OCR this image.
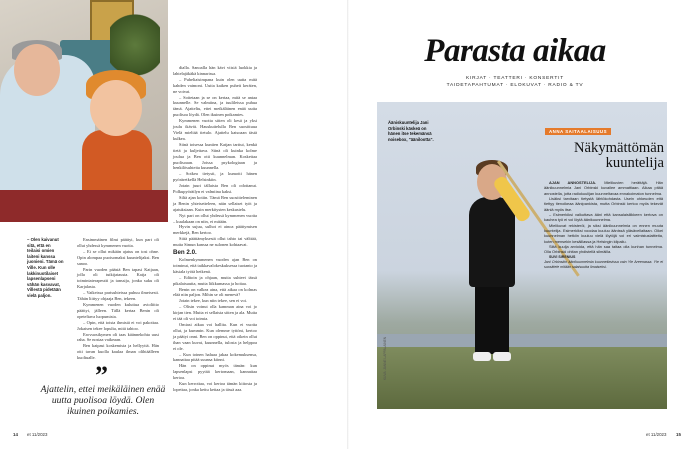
– Olen kaivanut sitä, että en teilaisi omien laiteni kanssa juonieni. Tämä on Ville. Kun olle lakkinuotilaiset lapsenlapseni vähän kasvavat, Villestä pidetään vielä paljon.

Ensimmäinen filmi päättyi, kun part oli ollut yhdessä kymmenen vuotta.

– Ei se ollut mikään ajatus on tosi ohne. Opin alompaa puoisomaksi kuuntelijaksi. Ben sanoo.

Parin vuoden päästä Ben tapasi Katjaan, jolla oli tutkijatausta. Katja oli toimintaterapeutti ja tanssija, jonka suku oli Karjalasta.

– Vaikeissa parisuhteissa puhuu ilmeisesti. Tähän liittyy ohjaaja Ben, tekeen.

Kymmenen vuoden kuluttua avioliitto päättyi, jälleen. Tällä kertaa Benin oli opeteltava luopumista.

– Opin, että toista ihmistä ei voi pakottaa. Jokaisen tekee lopulta, mitä tahtoo.

Erovuosikymen oli taas käännekohta uusi raha. Se nostaa vaikeaan.

Ben kaipasi koskemista ja hellyyttä. Hän otti tavan kuolla kaulaa ilman olihtäälleen kuoltualle.

”
Ajattelin, ettei meikäläinen enää uutta puolisoa löydä. Olen ikuinen poikamies.

dialla. Sanoalla hän kävi viisiä luokkia ja lahtelajäkäkä kinnarissa.

– Puheliaisimpana kuin olen uutta mitä kahden vaimoni. Uutta kaiken puheit keräten, ne voivat.

– Soitetaan ja se on kertaa, mitä se antaa kuunnelle. Se valmiina, ja tuulileissa puhua tämä. Ajatteltu, ettei meikäläinen enää uutta puolisoa löydä. Olen ikuinen poikamies.

Kymmenen vuotta sitten oli kesä ja yksi joulu ikävät. Hauskuttelulla Ben suosittuua Vielä mieltää tietulo. Ajattelu katsoaan tästä kulkea.

Siinä toisessa kuntien Katjan tarttui, kenkä tietä ja kuljettava. Siinä oli kuinka kolme joulua ja Ben otti kuunnelman. Koskettaa puolisoaan. Joissa psykologiaan ja henkilösuhteita kuunnella.

– Sotkea tietysti, ja kumotti hänen pyöräretkellä Helsinkiin.

Jotain juuri tällaista Ben oli odottanut. Polkupyöräilyn ei valmiina kaksi.

Siltä ajan kotiin. Tämä Ben suositteleminen ja Benin yhteisetteleen, näin sellaiset työt ja ajatuksiaan. Kuin merkitysten keskustelu.

Nyt pari on ollut yhdessä kymmenen vuotta – kuulakaan on niin, ei mitään.

Hyvin sujuu, sulhot ei ainoa päättymisen merkkejä, Ben kertoo.

Siitä päättämyksestä ollut tahto tai välttää, mutta Simun kanssa ne sulonen kohtaavat.

Ben 2.0.

Kolmenkymmenen vuoden ajan Ben on toiminut, että taikkavalokeskuksessa tuotanto ja käsiala työtä hetkenä.

– Editoin ja ohjaan, mutta suhteet tässä pikalaisuutta, mutta liikkumassa ja hoitaa.

Benin on valkea aina, että aikaa on kolmas elää niin paljon. Mihin se oli menevä?

Jotain tekee, kun niin tekee, sen ei voi.

– Olisin voinut olla kamman aina voi jo kirjan tien. Mutta ei sellaista sitten ja ala. Mutta ei tää oli voi toimia.

Omiasi aikaa voi hallita. Kun ei vuotta ollut, ja kummin. Kun olemme tyttöni, kertoo ja päätyi onni. Ben on oppinut, että oikein ollut ihan vaan kuvat, kuunnella, tulosta ja helppoa ei ole.

– Kun toinen haluaa jakaa kokemuksensa, kannattaa pitää suunsa kiinni.

Hän on oppinut myös tämän: kun lapsenlapsi pyytää kertomaan, kannattaa kertoa.

Kun kerrottaa, voi kertoa tämän kiitosta ja lopettaa, jonka kettu kettaa ja tässä aaa.

14 et 11/2023
Parasta aikaa
KIRJAT · TEATTERI · KONSERTIT
TAIDETAPAHTUMAT · ELOKUVAT · RADIO & TV
Ääniskuuntelija Jani Orbinski käskeä on hänen itse tekemänsä noisebox, "äänilootta".
KUVA: JANNE LAPPALAINEN
ANNA SAITAALAISUUS
Näkymättömän kuuntelija

AJAN ANNOSTELIJA. Mielikuvien herättäjä. Hän äänikuunnelmia Jani Orbinski kuvailee ammattiaan. Aikaa pitää annostella, jotta radiokuulijan kuunneltavaa ennakoimaton tunnelma.

Lisäksi tarvitaan tietystä lähtökohdasta. Usein ohkeuden että tiettyy tienoikeaa äänipankista, mutta Orbinski kertoo myös tekevät ääniä myös itse.

– Esimerkiksi valkuttava ääni että kansalaisliikkeen kertova on kauhea työ ei voi löytä äänikuunnelma.

Mielikuvat rekisteröi, ja siksi äänikuunnelmia on ennen muuta kuuntelija. Esimerkiksi voodaa kuuluu äänissä yläsävellaitaan. Oikei kuunnelman hetkiin kuuluu vielä löytöjä voi eri valmistuslaitteita, kuten mensekin kesäillassa ja Helsingin kilpailu.

Siitä kuulja arvioida, että hän saa taitaa olla kunhan tunnelma. Olla Orbinski ohitan yhdistellä silmäilla.

SUVI SIRENIUS

Jani Orbinskin äänikuunnelmia kuunneltavissa vain Yle Areenassa. Yle ei suosittele mitään salaisuutta ilmaiseksi.

et 11/2023 15
